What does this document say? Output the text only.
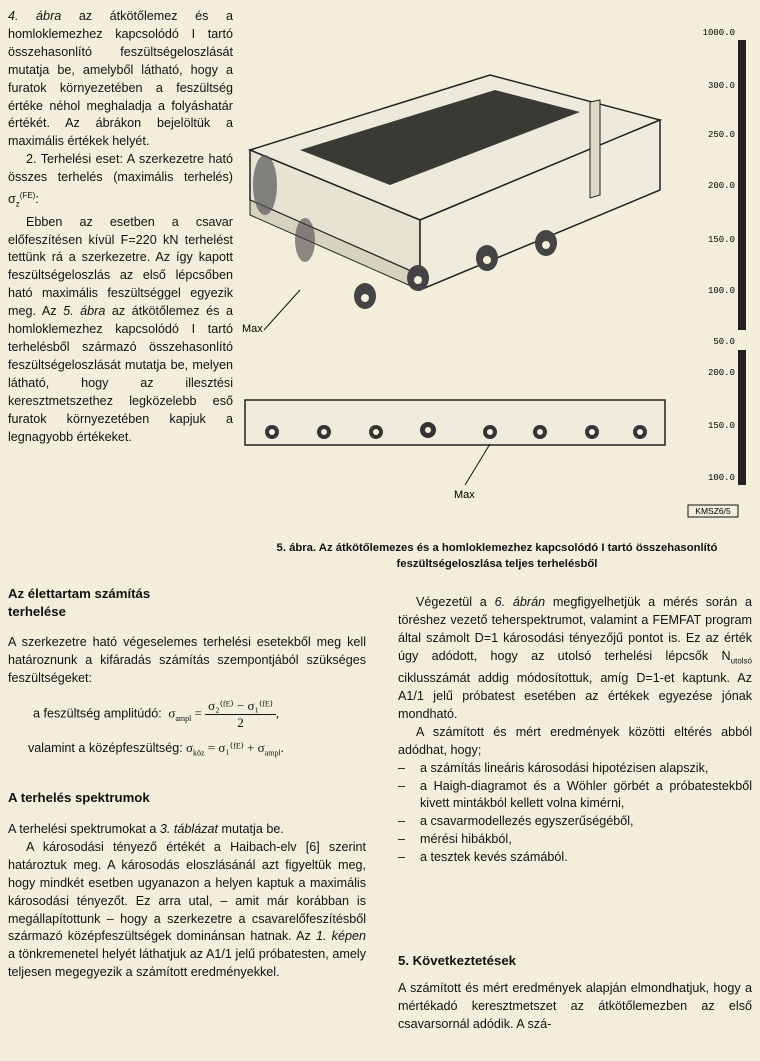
4. ábra az átkötőlemez és a homloklemezhez kapcsolódó I tartó összehasonlító feszültségeloszlását mutatja be, amelyből látható, hogy a furatok környezetében a feszültség értéke néhol meghaladja a folyáshatár értékét. Az ábrákon bejelöltük a maximális értékek helyét.

2. Terhelési eset: A szerkezetre ható összes terhelés (maximális terhelés) $\sigma_z^{(FE)}$:

Ebben az esetben a csavar előfeszítésen kívül F=220 kN terhelést tettünk rá a szerkezetre. Az így kapott feszültségeloszlás az első lépcsőben ható maximális feszültséggel egyezik meg. Az 5. ábra az átkötőlemez és a homloklemezhez kapcsolódó I tartó terhelésből származó összehasonlító feszültségeloszlását mutatja be, melyen látható, hogy az illesztési keresztmetszethez legközelebb eső furatok környezetében kapjuk a legnagyobb értékeket.

Max
Max
1000.0
300.0
250.0
200.0
150.0
100.0
50.0
200.0
150.0
100.0
KMSZ6/5
5. ábra. Az átkötőlemezes és a homloklemezhez kapcsolódó I tartó összehasonlító feszültségeloszlása teljes terhelésből
Az élettartam számítás terhelése

A szerkezetre ható végeselemes terhelési esetekből meg kell határoznunk a kifáradás számítás szempontjából szükséges feszültségeket:

a feszültség amplitúdó: $\sigma_{ampl} = \frac{\text{σ₂⁽ᶠᴱ⁾ − σ₁⁽ᶠᴱ⁾}}{2}$ ,
valamint a középfeszültség: $\sigma_{köz}$ = σ₁⁽ᶠᴱ⁾ + $\sigma_{ampl}$.
A terhelés spektrumok

A terhelési spektrumokat a 3. táblázat mutatja be.

A károsodási tényező értékét a Haibach-elv [6] szerint határoztuk meg. A károsodás eloszlásánál azt figyeltük meg, hogy mindkét esetben ugyanazon a helyen kaptuk a maximális károsodási tényezőt. Ez arra utal, – amit már korábban is megállapítottunk – hogy a szerkezetre a csavarelőfeszítésből származó középfeszültségek dominánsan hatnak. Az 1. képen a tönkremenetel helyét láthatjuk az A1/1 jelű próbatesten, amely teljesen megegyezik a számított eredményekkel.

Végezetül a 6. ábrán megfigyelhetjük a mérés során a töréshez vezető teherspektrumot, valamint a FEMFAT program által számolt D=1 károsodási tényezőjű pontot is. Ez az érték úgy adódott, hogy az utolsó terhelési lépcsők $N_{utolsó}$ ciklusszámát addig módosítottuk, amíg D=1-et kaptunk. Az A1/1 jelű próbatest esetében az értékek egyezése jónak mondható.

A számított és mért eredmények közötti eltérés abból adódhat, hogy;

– a számítás lineáris károsodási hipotézisen alapszik,
– a Haigh-diagramot és a Wöhler görbét a próbatestekből kivett mintákból kellett volna kimérni,
– a csavarmodellezés egyszerűségéből,
– mérési hibákból,
– a tesztek kevés számából.
5. Következtetések

A számított és mért eredmények alapján elmondhatjuk, hogy a mértékadó keresztmetszet az átkötőlemezben az első csavarsornál adódik. A szá-
